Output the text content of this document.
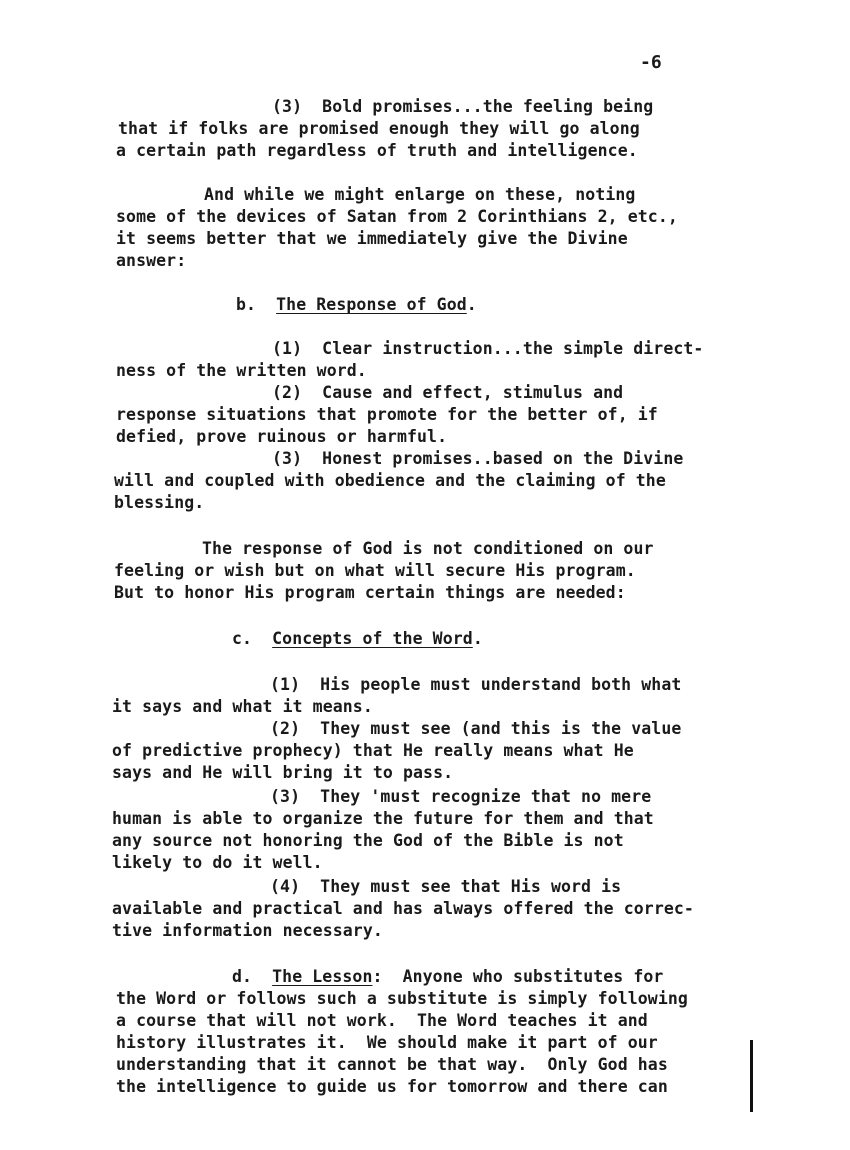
-6
(3)  Bold promises...the feeling being
that if folks are promised enough they will go along
a certain path regardless of truth and intelligence.
And while we might enlarge on these, noting
some of the devices of Satan from 2 Corinthians 2, etc.,
it seems better that we immediately give the Divine
answer:
b.  The Response of God.
(1)  Clear instruction...the simple direct-
ness of the written word.
(2)  Cause and effect, stimulus and
response situations that promote for the better of, if
defied, prove ruinous or harmful.
(3)  Honest promises..based on the Divine
will and coupled with obedience and the claiming of the
blessing.
The response of God is not conditioned on our
feeling or wish but on what will secure His program.
But to honor His program certain things are needed:
c.  Concepts of the Word.
(1)  His people must understand both what
it says and what it means.
(2)  They must see (and this is the value
of predictive prophecy) that He really means what He
says and He will bring it to pass.
(3)  They 'must recognize that no mere
human is able to organize the future for them and that
any source not honoring the God of the Bible is not
likely to do it well.
(4)  They must see that His word is
available and practical and has always offered the correc-
tive information necessary.
d.  The Lesson:  Anyone who substitutes for
the Word or follows such a substitute is simply following
a course that will not work.  The Word teaches it and
history illustrates it.  We should make it part of our
understanding that it cannot be that way.  Only God has
the intelligence to guide us for tomorrow and there can
